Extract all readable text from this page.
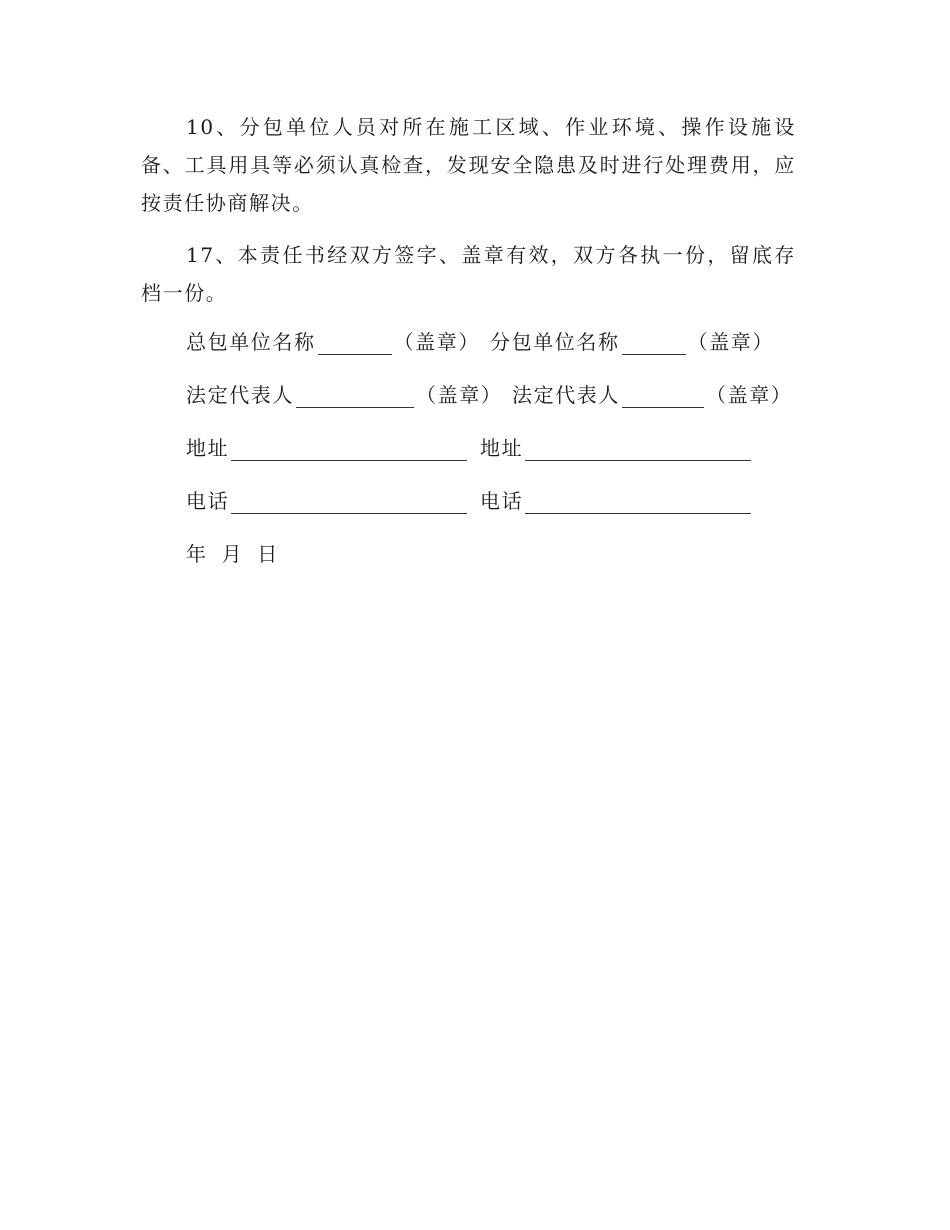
10、分包单位人员对所在施工区域、作业环境、操作设施设备、工具用具等必须认真检查，发现安全隐患及时进行处理费用，应按责任协商解决。

17、本责任书经双方签字、盖章有效，双方各执一份，留底存档一份。

总包单位名称	（盖章） 分包单位名称	（盖章）
法定代表人	（盖章） 法定代表人	（盖章）
地址	地址
电话	电话
年 月 日
